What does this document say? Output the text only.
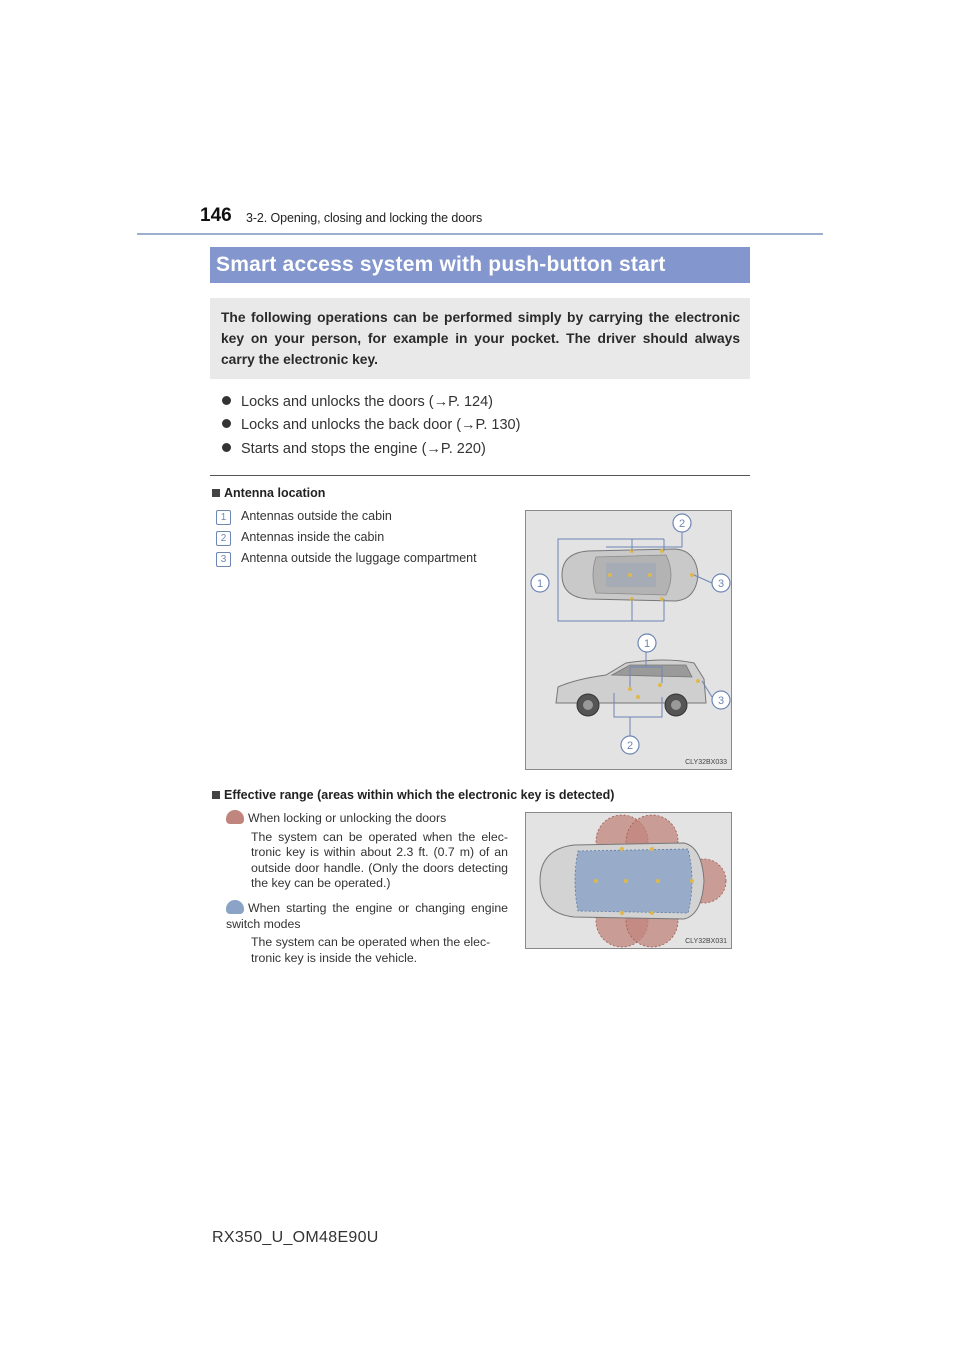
146 3-2. Opening, closing and locking the doors
Smart access system with push-button start
The following operations can be performed simply by carrying the electronic key on your person, for example in your pocket. The driver should always carry the electronic key.
Locks and unlocks the doors (→P. 124)
Locks and unlocks the back door (→P. 130)
Starts and stops the engine (→P. 220)
Antenna location
1 Antennas outside the cabin
2 Antennas inside the cabin
3 Antenna outside the luggage compartment
1
2
3
1
3
2
CLY32BX033
Effective range (areas within which the electronic key is detected)
When locking or unlocking the doors
The system can be operated when the elec-tronic key is within about 2.3 ft. (0.7 m) of an outside door handle. (Only the doors detecting the key can be operated.)
When starting the engine or changing engine switch modes
The system can be operated when the elec-tronic key is inside the vehicle.
CLY32BX031
RX350_U_OM48E90U
